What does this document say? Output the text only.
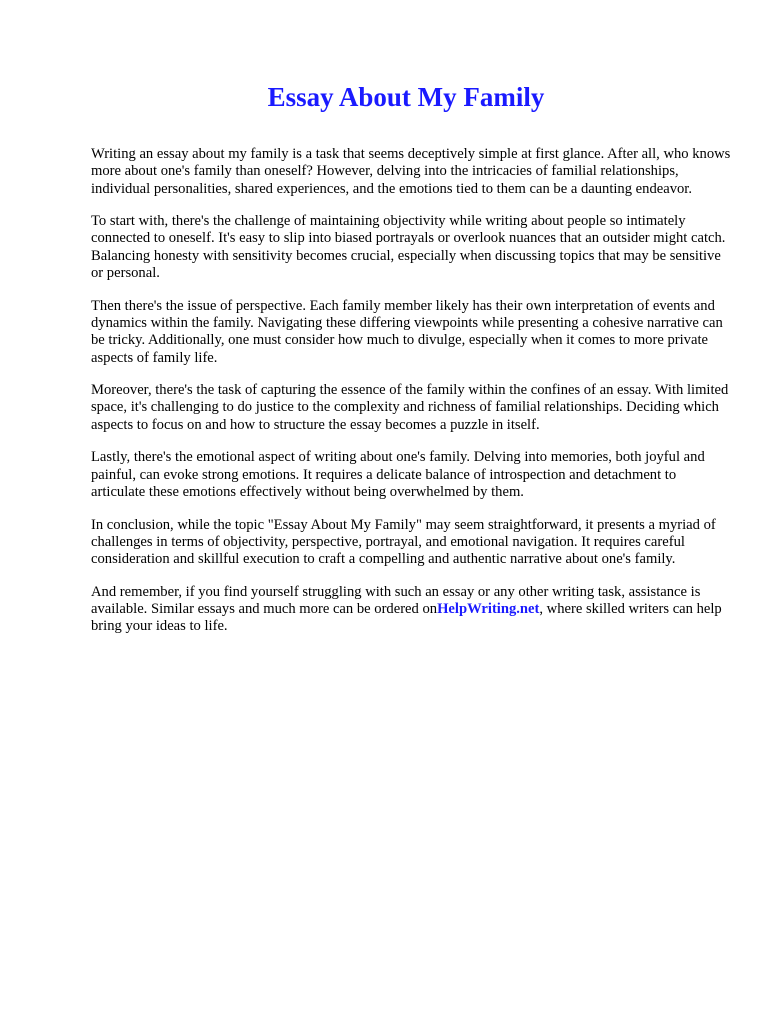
Essay About My Family

Writing an essay about my family is a task that seems deceptively simple at first glance. After all, who knows more about one's family than oneself? However, delving into the intricacies of familial relationships, individual personalities, shared experiences, and the emotions tied to them can be a daunting endeavor.

To start with, there's the challenge of maintaining objectivity while writing about people so intimately connected to oneself. It's easy to slip into biased portrayals or overlook nuances that an outsider might catch. Balancing honesty with sensitivity becomes crucial, especially when discussing topics that may be sensitive or personal.

Then there's the issue of perspective. Each family member likely has their own interpretation of events and dynamics within the family. Navigating these differing viewpoints while presenting a cohesive narrative can be tricky. Additionally, one must consider how much to divulge, especially when it comes to more private aspects of family life.

Moreover, there's the task of capturing the essence of the family within the confines of an essay. With limited space, it's challenging to do justice to the complexity and richness of familial relationships. Deciding which aspects to focus on and how to structure the essay becomes a puzzle in itself.

Lastly, there's the emotional aspect of writing about one's family. Delving into memories, both joyful and painful, can evoke strong emotions. It requires a delicate balance of introspection and detachment to articulate these emotions effectively without being overwhelmed by them.

In conclusion, while the topic "Essay About My Family" may seem straightforward, it presents a myriad of challenges in terms of objectivity, perspective, portrayal, and emotional navigation. It requires careful consideration and skillful execution to craft a compelling and authentic narrative about one's family.

And remember, if you find yourself struggling with such an essay or any other writing task, assistance is available. Similar essays and much more can be ordered onHelpWriting.net, where skilled writers can help bring your ideas to life.
